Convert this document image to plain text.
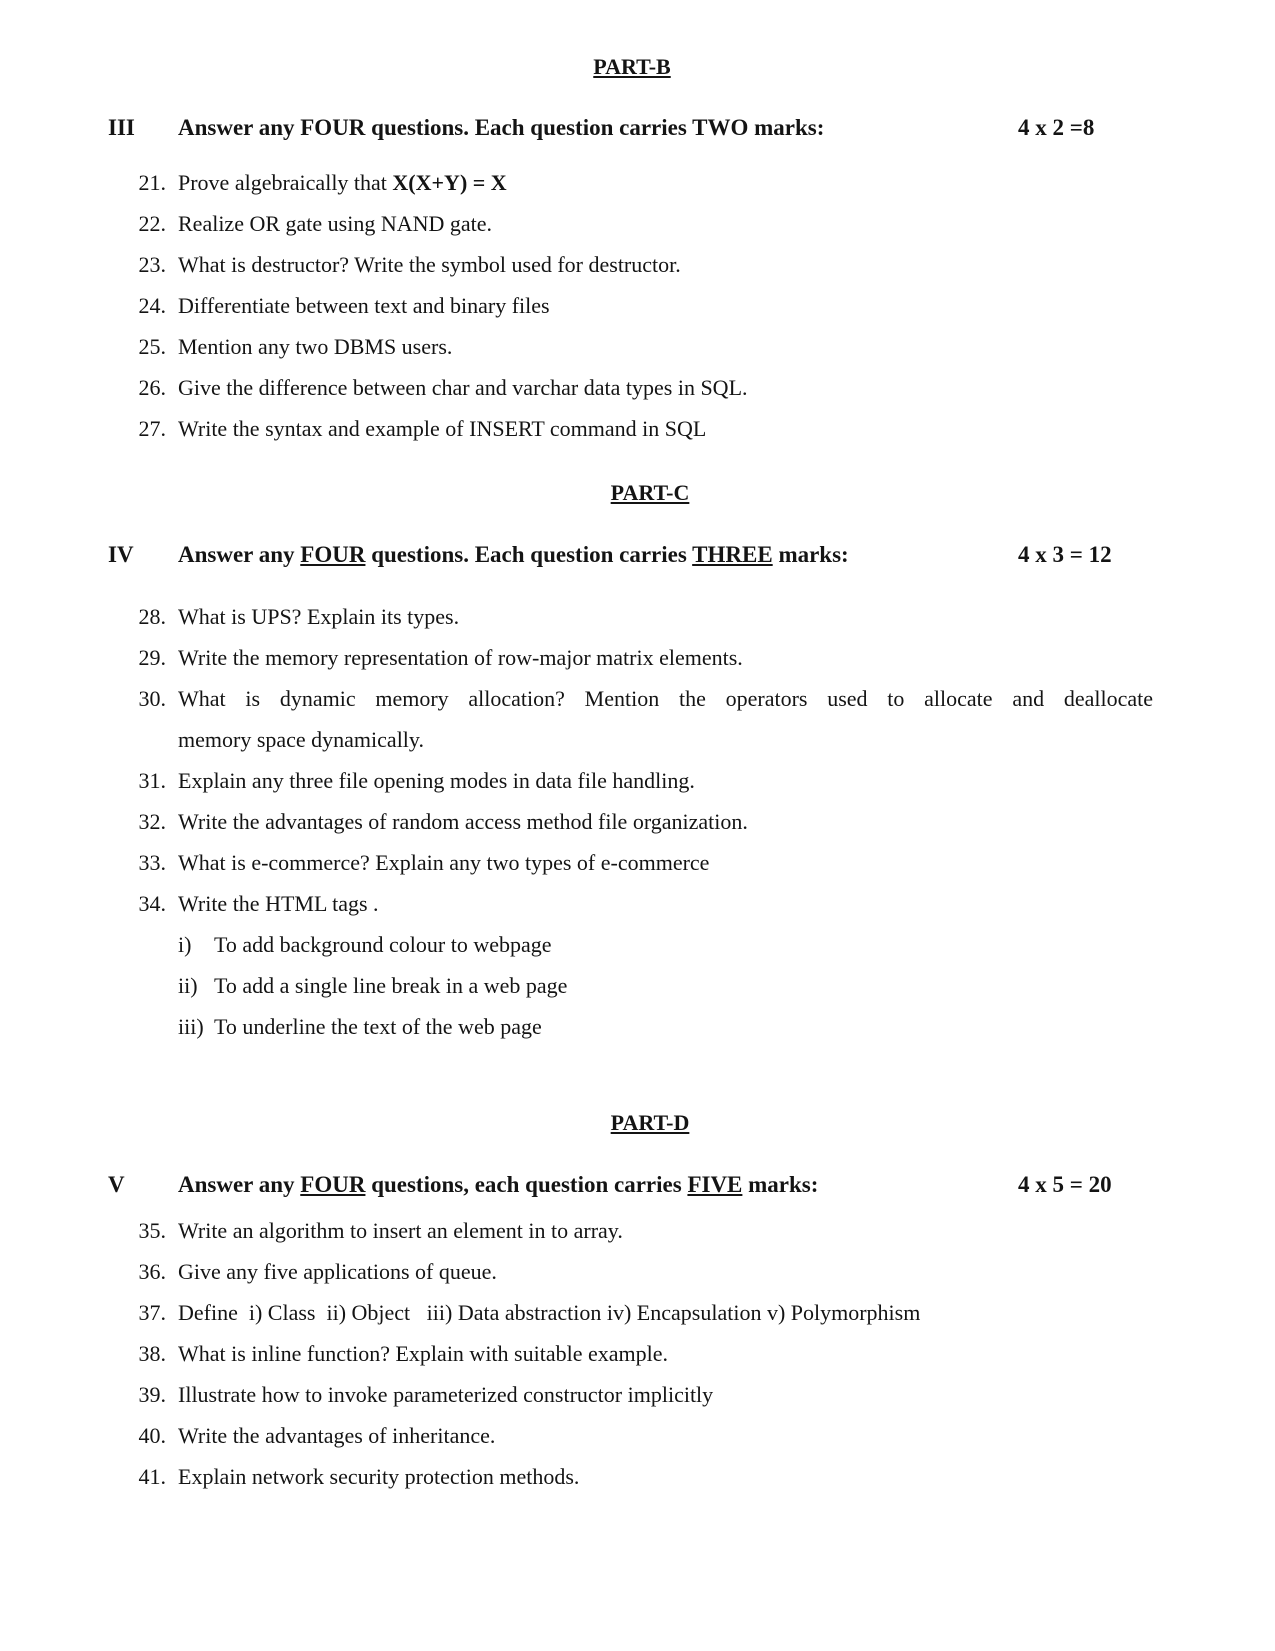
PART-B
III Answer any FOUR questions. Each question carries TWO marks:	4 x 2 =8
21. Prove algebraically that X(X+Y) = X
22. Realize OR gate using NAND gate.
23. What is destructor? Write the symbol used for destructor.
24. Differentiate between text and binary files
25. Mention any two DBMS users.
26. Give the difference between char and varchar data types in SQL.
27. Write the syntax and example of INSERT command in SQL
PART-C
IV Answer any FOUR questions. Each question carries THREE marks:	4 x 3 = 12
28. What is UPS? Explain its types.
29. Write the memory representation of row-major matrix elements.
30. What is dynamic memory allocation? Mention the operators used to allocate and deallocate
memory space dynamically.
31. Explain any three file opening modes in data file handling.
32. Write the advantages of random access method file organization.
33. What is e-commerce? Explain any two types of e-commerce
34. Write the HTML tags .
i)	To add background colour to webpage
ii) To add a single line break in a web page
iii) To underline the text of the web page
PART-D
V Answer any FOUR questions, each question carries FIVE marks:	4 x 5 = 20
35. Write an algorithm to insert an element in to array.
36. Give any five applications of queue.
37. Define  i) Class  ii) Object   iii) Data abstraction iv) Encapsulation v) Polymorphism
38. What is inline function? Explain with suitable example.
39. Illustrate how to invoke parameterized constructor implicitly
40. Write the advantages of inheritance.
41. Explain network security protection methods.
